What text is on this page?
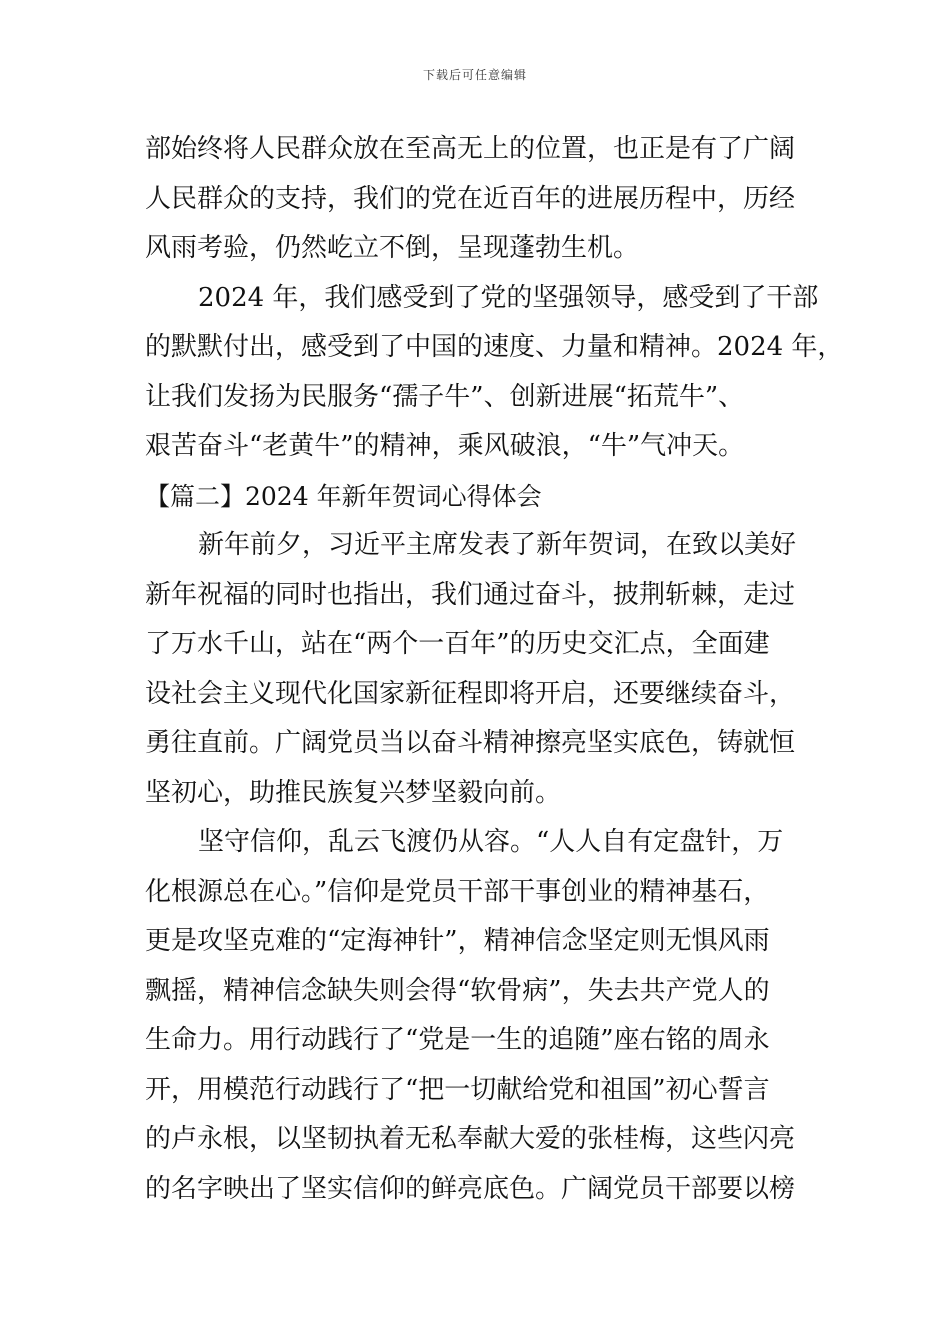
下载后可任意编辑
部始终将人民群众放在至高无上的位置，也正是有了广阔
人民群众的支持，我们的党在近百年的进展历程中，历经
风雨考验，仍然屹立不倒，呈现蓬勃生机。
2024 年，我们感受到了党的坚强领导，感受到了干部
的默默付出，感受到了中国的速度、力量和精神。2024 年，
让我们发扬为民服务“孺子牛”、创新进展“拓荒牛”、
艰苦奋斗“老黄牛”的精神，乘风破浪，“牛”气冲天。
【篇二】2024 年新年贺词心得体会
新年前夕，习近平主席发表了新年贺词，在致以美好
新年祝福的同时也指出，我们通过奋斗，披荆斩棘，走过
了万水千山，站在“两个一百年”的历史交汇点，全面建
设社会主义现代化国家新征程即将开启，还要继续奋斗，
勇往直前。广阔党员当以奋斗精神擦亮坚实底色，铸就恒
坚初心，助推民族复兴梦坚毅向前。
坚守信仰，乱云飞渡仍从容。“人人自有定盘针，万
化根源总在心。”信仰是党员干部干事创业的精神基石，
更是攻坚克难的“定海神针”，精神信念坚定则无惧风雨
飘摇，精神信念缺失则会得“软骨病”，失去共产党人的
生命力。用行动践行了“党是一生的追随”座右铭的周永
开，用模范行动践行了“把一切献给党和祖国”初心誓言
的卢永根，以坚韧执着无私奉献大爱的张桂梅，这些闪亮
的名字映出了坚实信仰的鲜亮底色。广阔党员干部要以榜
